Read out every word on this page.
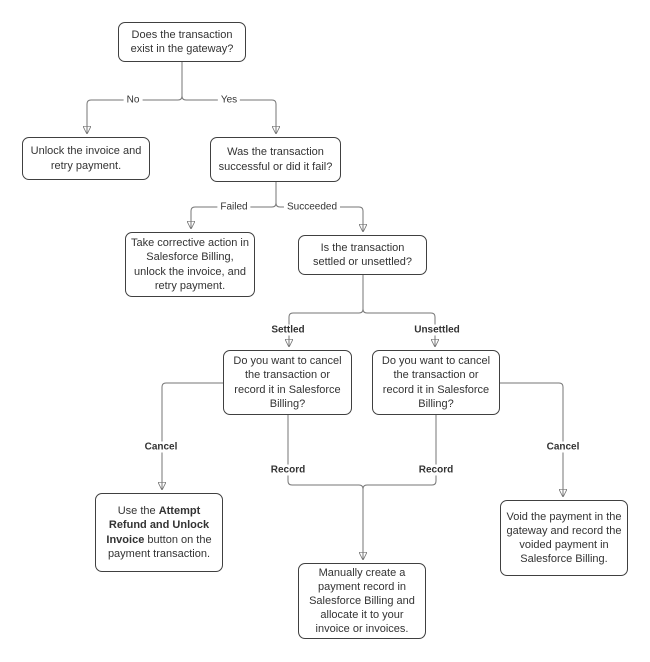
Does the transaction exist in the gateway?
Unlock the invoice and retry payment.
Was the transaction successful or did it fail?
Take corrective action in Salesforce Billing, unlock the invoice, and retry payment.
Is the transaction settled or unsettled?
Do you want to cancel the transaction or record it in Salesforce Billing?
Do you want to cancel the transaction or record it in Salesforce Billing?
Use the Attempt Refund and Unlock Invoice button on the payment transaction.
Manually create a payment record in Salesforce Billing and allocate it to your invoice or invoices.
Void the payment in the gateway and record the voided payment in Salesforce Billing.
No	Yes
Failed	Succeeded
Settled	Unsettled
Cancel	Cancel
Record	Record
